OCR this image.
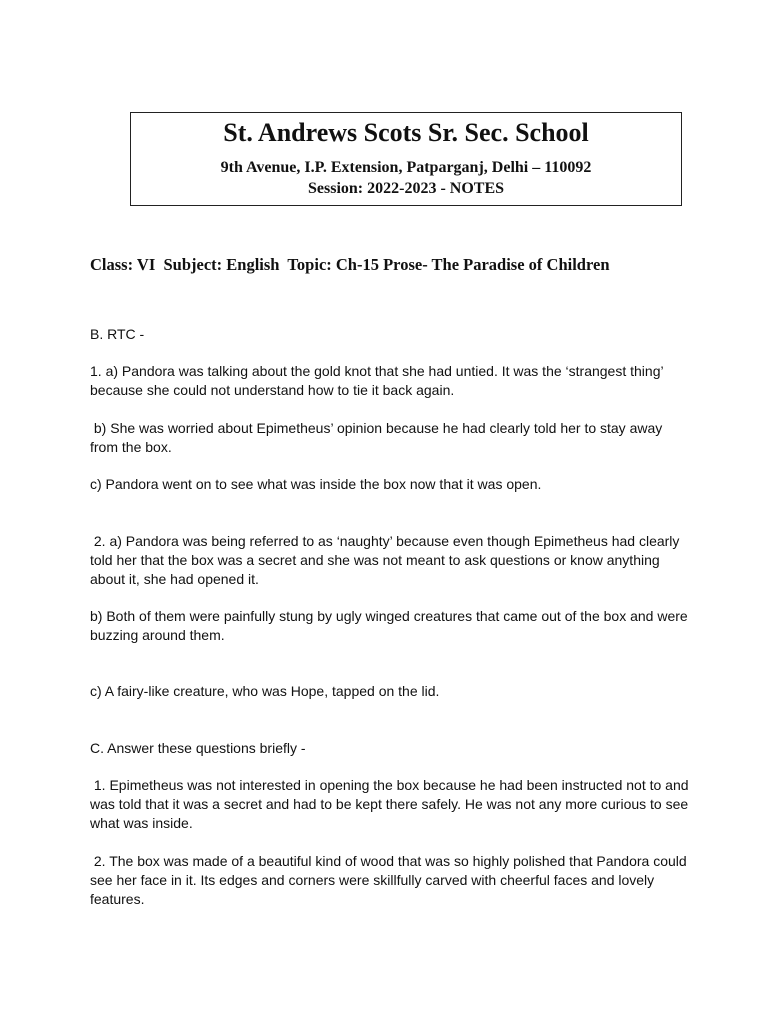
St. Andrews Scots Sr. Sec. School
9th Avenue, I.P. Extension, Patparganj, Delhi – 110092
Session: 2022-2023 - NOTES
Class: VI  Subject: English  Topic: Ch-15 Prose- The Paradise of Children

B. RTC -

1. a) Pandora was talking about the gold knot that she had untied. It was the ‘strangest thing’ because she could not understand how to tie it back again.

b) She was worried about Epimetheus’ opinion because he had clearly told her to stay away from the box.

c) Pandora went on to see what was inside the box now that it was open.

2. a) Pandora was being referred to as ‘naughty’ because even though Epimetheus had clearly told her that the box was a secret and she was not meant to ask questions or know anything about it, she had opened it.

b) Both of them were painfully stung by ugly winged creatures that came out of the box and were buzzing around them.

c) A fairy-like creature, who was Hope, tapped on the lid.

C. Answer these questions briefly -

1. Epimetheus was not interested in opening the box because he had been instructed not to and was told that it was a secret and had to be kept there safely. He was not any more curious to see what was inside.

2. The box was made of a beautiful kind of wood that was so highly polished that Pandora could see her face in it. Its edges and corners were skillfully carved with cheerful faces and lovely features.
